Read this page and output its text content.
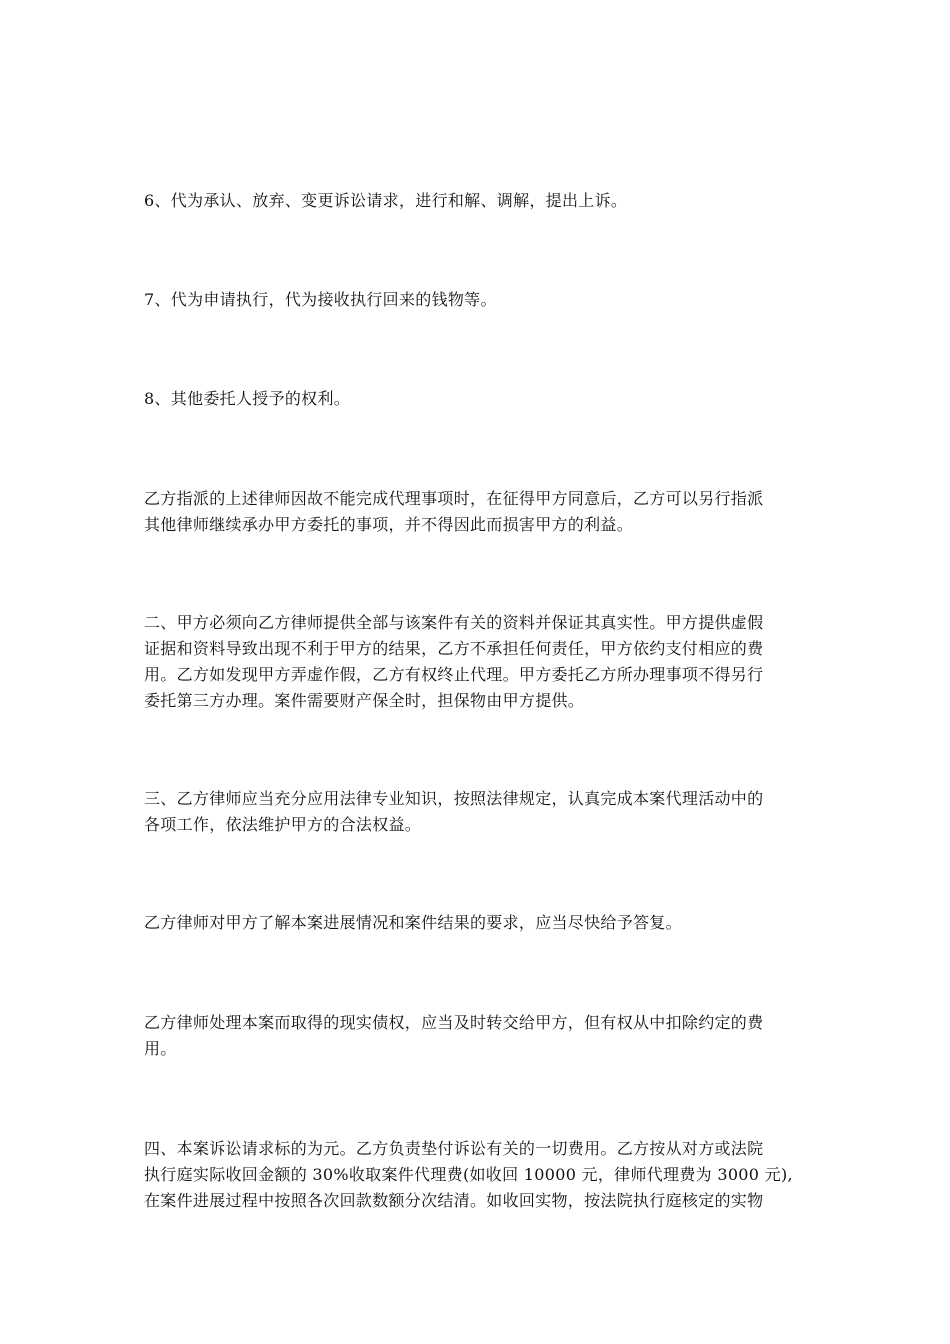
6、代为承认、放弃、变更诉讼请求，进行和解、调解，提出上诉。
7、代为申请执行，代为接收执行回来的钱物等。
8、其他委托人授予的权利。
乙方指派的上述律师因故不能完成代理事项时，在征得甲方同意后，乙方可以另行指派
其他律师继续承办甲方委托的事项，并不得因此而损害甲方的利益。
二、甲方必须向乙方律师提供全部与该案件有关的资料并保证其真实性。甲方提供虚假
证据和资料导致出现不利于甲方的结果，乙方不承担任何责任，甲方依约支付相应的费
用。乙方如发现甲方弄虚作假，乙方有权终止代理。甲方委托乙方所办理事项不得另行
委托第三方办理。案件需要财产保全时，担保物由甲方提供。
三、乙方律师应当充分应用法律专业知识，按照法律规定，认真完成本案代理活动中的
各项工作，依法维护甲方的合法权益。
乙方律师对甲方了解本案进展情况和案件结果的要求，应当尽快给予答复。
乙方律师处理本案而取得的现实债权，应当及时转交给甲方，但有权从中扣除约定的费
用。
四、本案诉讼请求标的为元。乙方负责垫付诉讼有关的一切费用。乙方按从对方或法院
执行庭实际收回金额的 30%收取案件代理费(如收回 10000 元，律师代理费为 3000 元),
在案件进展过程中按照各次回款数额分次结清。如收回实物，按法院执行庭核定的实物
